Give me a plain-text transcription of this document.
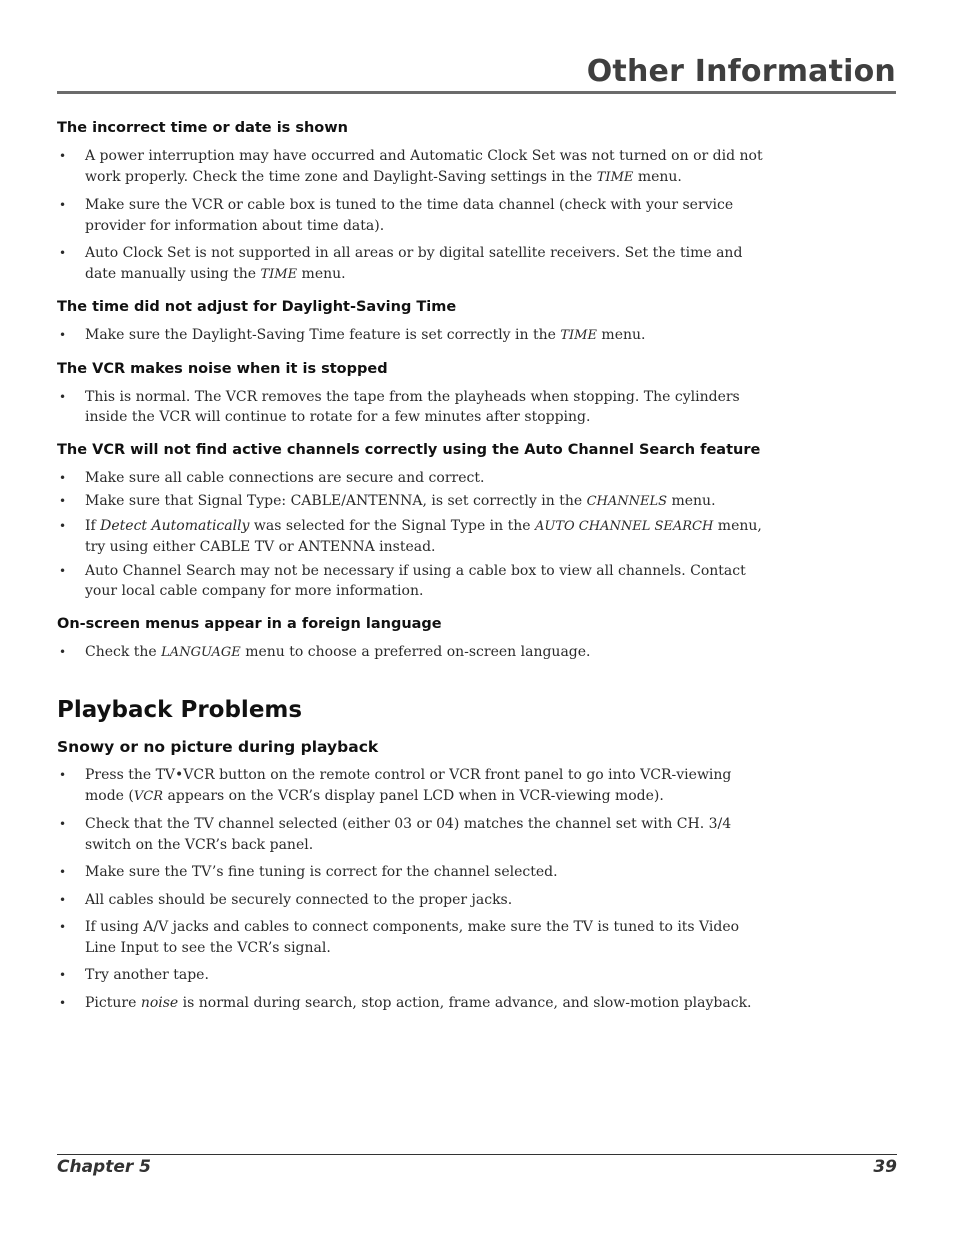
Other Information
The incorrect time or date is shown
• A power interruption may have occurred and Automatic Clock Set was not turned on or did not work properly. Check the time zone and Daylight-Saving settings in the TIME menu.
• Make sure the VCR or cable box is tuned to the time data channel (check with your service provider for information about time data).
• Auto Clock Set is not supported in all areas or by digital satellite receivers. Set the time and date manually using the TIME menu.
The time did not adjust for Daylight-Saving Time
• Make sure the Daylight-Saving Time feature is set correctly in the TIME menu.
The VCR makes noise when it is stopped
• This is normal. The VCR removes the tape from the playheads when stopping. The cylinders inside the VCR will continue to rotate for a few minutes after stopping.
The VCR will not find active channels correctly using the Auto Channel Search feature
• Make sure all cable connections are secure and correct.
• Make sure that Signal Type: CABLE/ANTENNA, is set correctly in the CHANNELS menu.
• If Detect Automatically was selected for the Signal Type in the AUTO CHANNEL SEARCH menu, try using either CABLE TV or ANTENNA instead.
• Auto Channel Search may not be necessary if using a cable box to view all channels. Contact your local cable company for more information.
On-screen menus appear in a foreign language
• Check the LANGUAGE menu to choose a preferred on-screen language.
Playback Problems
Snowy or no picture during playback
• Press the TV•VCR button on the remote control or VCR front panel to go into VCR-viewing mode (VCR appears on the VCR’s display panel LCD when in VCR-viewing mode).
• Check that the TV channel selected (either 03 or 04) matches the channel set with CH. 3/4 switch on the VCR’s back panel.
• Make sure the TV’s fine tuning is correct for the channel selected.
• All cables should be securely connected to the proper jacks.
• If using A/V jacks and cables to connect components, make sure the TV is tuned to its Video Line Input to see the VCR’s signal.
• Try another tape.
• Picture noise is normal during search, stop action, frame advance, and slow-motion playback.
Chapter 5	39
